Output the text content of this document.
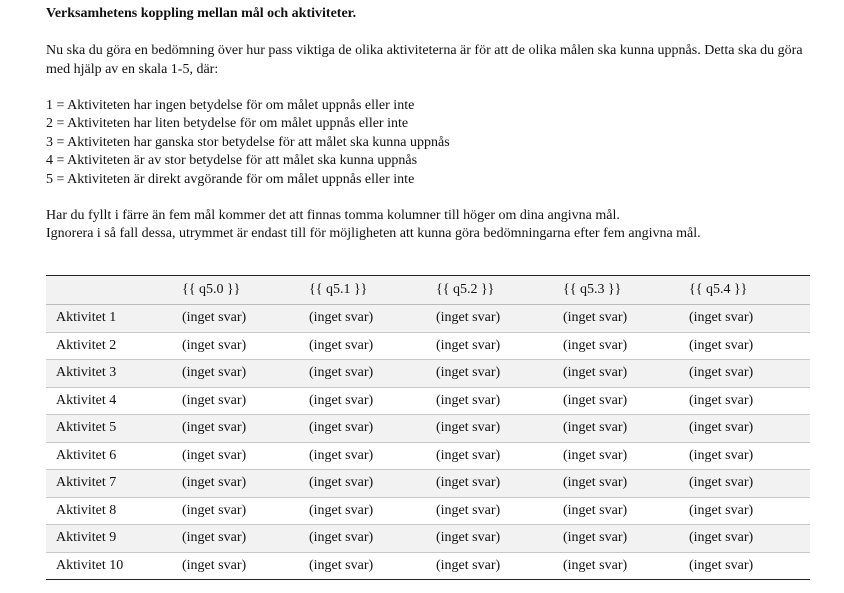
Verksamhetens koppling mellan mål och aktiviteter.
Nu ska du göra en bedömning över hur pass viktiga de olika aktiviteterna är för att de olika målen ska kunna uppnås. Detta ska du göra med hjälp av en skala 1-5, där:
1 = Aktiviteten har ingen betydelse för om målet uppnås eller inte
2 = Aktiviteten har liten betydelse för om målet uppnås eller inte
3 = Aktiviteten har ganska stor betydelse för att målet ska kunna uppnås
4 = Aktiviteten är av stor betydelse för att målet ska kunna uppnås
5 = Aktiviteten är direkt avgörande för om målet uppnås eller inte
Har du fyllt i färre än fem mål kommer det att finnas tomma kolumner till höger om dina angivna mål.
Ignorera i så fall dessa, utrymmet är endast till för möjligheten att kunna göra bedömningarna efter fem angivna mål.
	{{ q5.0 }}	{{ q5.1 }}	{{ q5.2 }}	{{ q5.3 }}	{{ q5.4 }}
Aktivitet 1	(inget svar)	(inget svar)	(inget svar)	(inget svar)	(inget svar)
Aktivitet 2	(inget svar)	(inget svar)	(inget svar)	(inget svar)	(inget svar)
Aktivitet 3	(inget svar)	(inget svar)	(inget svar)	(inget svar)	(inget svar)
Aktivitet 4	(inget svar)	(inget svar)	(inget svar)	(inget svar)	(inget svar)
Aktivitet 5	(inget svar)	(inget svar)	(inget svar)	(inget svar)	(inget svar)
Aktivitet 6	(inget svar)	(inget svar)	(inget svar)	(inget svar)	(inget svar)
Aktivitet 7	(inget svar)	(inget svar)	(inget svar)	(inget svar)	(inget svar)
Aktivitet 8	(inget svar)	(inget svar)	(inget svar)	(inget svar)	(inget svar)
Aktivitet 9	(inget svar)	(inget svar)	(inget svar)	(inget svar)	(inget svar)
Aktivitet 10	(inget svar)	(inget svar)	(inget svar)	(inget svar)	(inget svar)
